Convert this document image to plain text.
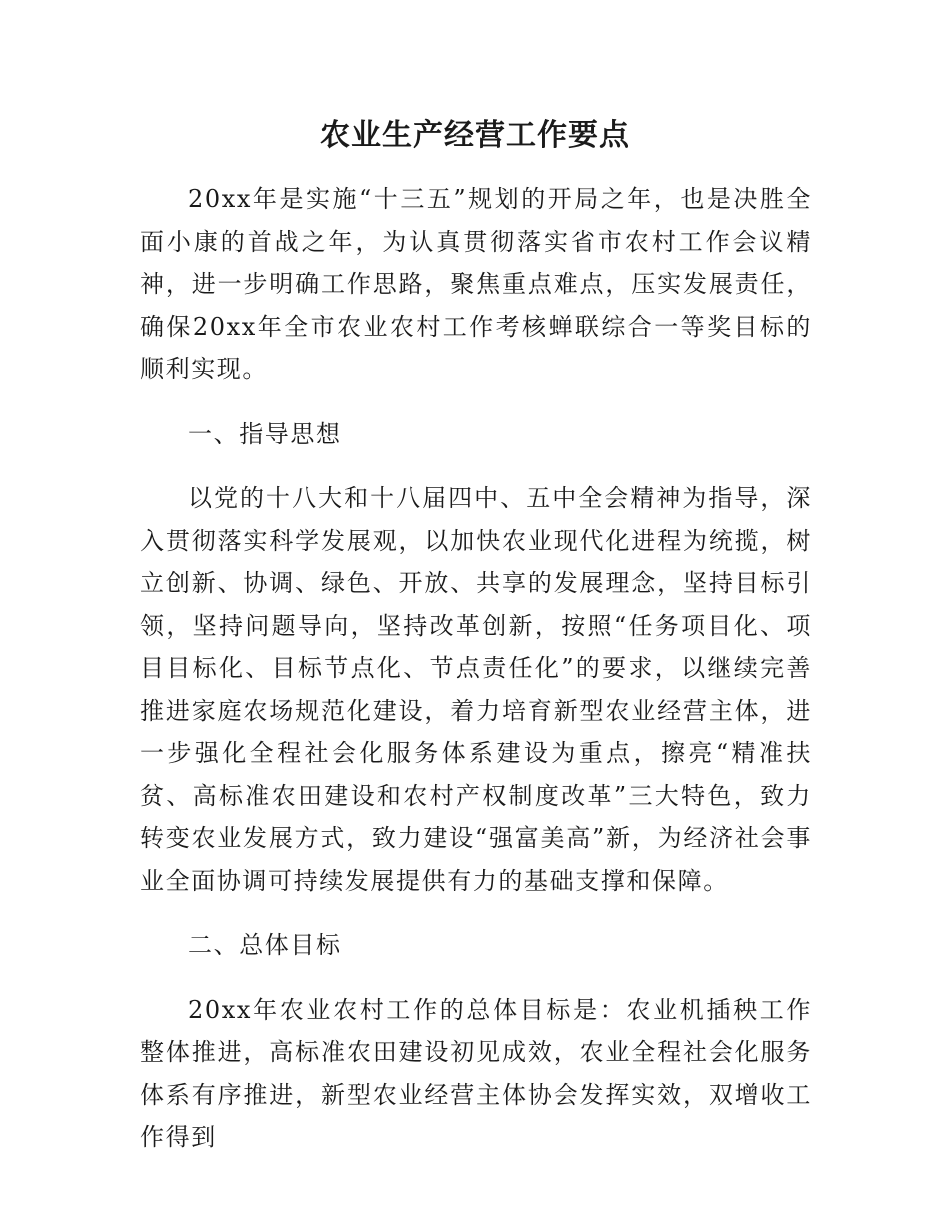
农业生产经营工作要点

20xx年是实施“十三五”规划的开局之年，也是决胜全面小康的首战之年，为认真贯彻落实省市农村工作会议精神，进一步明确工作思路，聚焦重点难点，压实发展责任，确保20xx年全市农业农村工作考核蝉联综合一等奖目标的顺利实现。

一、指导思想

以党的十八大和十八届四中、五中全会精神为指导，深入贯彻落实科学发展观，以加快农业现代化进程为统揽，树立创新、协调、绿色、开放、共享的发展理念，坚持目标引领，坚持问题导向，坚持改革创新，按照“任务项目化、项目目标化、目标节点化、节点责任化”的要求，以继续完善推进家庭农场规范化建设，着力培育新型农业经营主体，进一步强化全程社会化服务体系建设为重点，擦亮“精准扶贫、高标准农田建设和农村产权制度改革”三大特色，致力转变农业发展方式，致力建设“强富美高”新，为经济社会事业全面协调可持续发展提供有力的基础支撑和保障。

二、总体目标

20xx年农业农村工作的总体目标是：农业机插秧工作整体推进，高标准农田建设初见成效，农业全程社会化服务体系有序推进，新型农业经营主体协会发挥实效，双增收工作得到
